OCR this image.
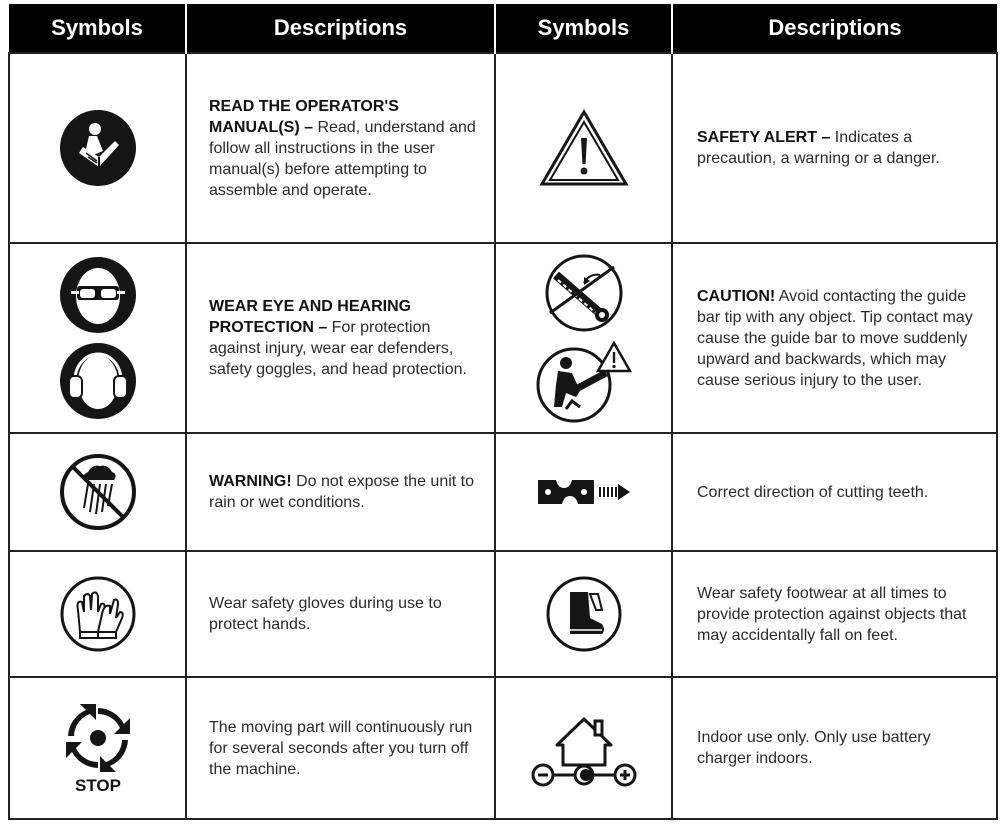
Symbols	Descriptions	Symbols	Descriptions

	READ THE OPERATOR'S MANUAL(S) – Read, understand and follow all instructions in the user manual(s) before attempting to assemble and operate.		SAFETY ALERT – Indicates a precaution, a warning or a danger.

	WEAR EYE AND HEARING PROTECTION – For protection against injury, wear ear defenders, safety goggles, and head protection.		CAUTION! Avoid contacting the guide bar tip with any object. Tip contact may cause the guide bar to move suddenly upward and backwards, which may cause serious injury to the user.

	WARNING! Do not expose the unit to rain or wet conditions.		Correct direction of cutting teeth.

	Wear safety gloves during use to protect hands.		Wear safety footwear at all times to provide protection against objects that may accidentally fall on feet.

STOP	The moving part will continuously run for several seconds after you turn off the machine.		Indoor use only. Only use battery charger indoors.
